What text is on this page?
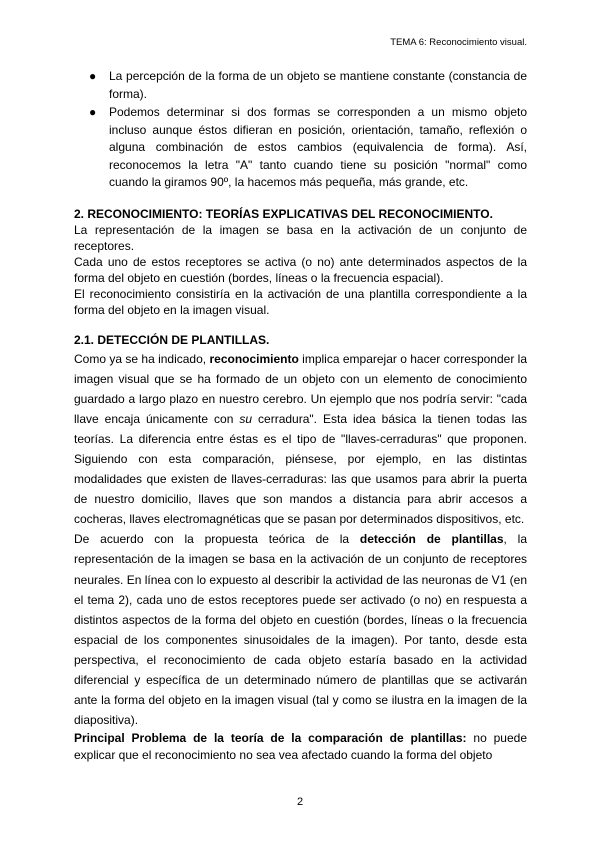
TEMA 6: Reconocimiento visual.
● La percepción de la forma de un objeto se mantiene constante (constancia de forma).
● Podemos determinar si dos formas se corresponden a un mismo objeto incluso aunque éstos difieran en posición, orientación, tamaño, reflexión o alguna combinación de estos cambios (equivalencia de forma). Así, reconocemos la letra "A" tanto cuando tiene su posición "normal" como cuando la giramos 90º, la hacemos más pequeña, más grande, etc.
2. RECONOCIMIENTO: TEORÍAS EXPLICATIVAS DEL RECONOCIMIENTO.

La representación de la imagen se basa en la activación de un conjunto de receptores.

Cada uno de estos receptores se activa (o no) ante determinados aspectos de la forma del objeto en cuestión (bordes, líneas o la frecuencia espacial).

El reconocimiento consistiría en la activación de una plantilla correspondiente a la forma del objeto en la imagen visual.

2.1. DETECCIÓN DE PLANTILLAS.

Como ya se ha indicado, reconocimiento implica emparejar o hacer corresponder la imagen visual que se ha formado de un objeto con un elemento de conocimiento guardado a largo plazo en nuestro cerebro. Un ejemplo que nos podría servir: "cada llave encaja únicamente con su cerradura". Esta idea básica la tienen todas las teorías. La diferencia entre éstas es el tipo de "llaves-cerraduras" que proponen. Siguiendo con esta comparación, piénsese, por ejemplo, en las distintas modalidades que existen de llaves-cerraduras: las que usamos para abrir la puerta de nuestro domicilio, llaves que son mandos a distancia para abrir accesos a cocheras, llaves electromagnéticas que se pasan por determinados dispositivos, etc.

De acuerdo con la propuesta teórica de la detección de plantillas, la representación de la imagen se basa en la activación de un conjunto de receptores neurales. En línea con lo expuesto al describir la actividad de las neuronas de V1 (en el tema 2), cada uno de estos receptores puede ser activado (o no) en respuesta a distintos aspectos de la forma del objeto en cuestión (bordes, líneas o la frecuencia espacial de los componentes sinusoidales de la imagen). Por tanto, desde esta perspectiva, el reconocimiento de cada objeto estaría basado en la actividad diferencial y específica de un determinado número de plantillas que se activarán ante la forma del objeto en la imagen visual (tal y como se ilustra en la imagen de la diapositiva).

Principal Problema de la teoría de la comparación de plantillas: no puede explicar que el reconocimiento no sea vea afectado cuando la forma del objeto

2
